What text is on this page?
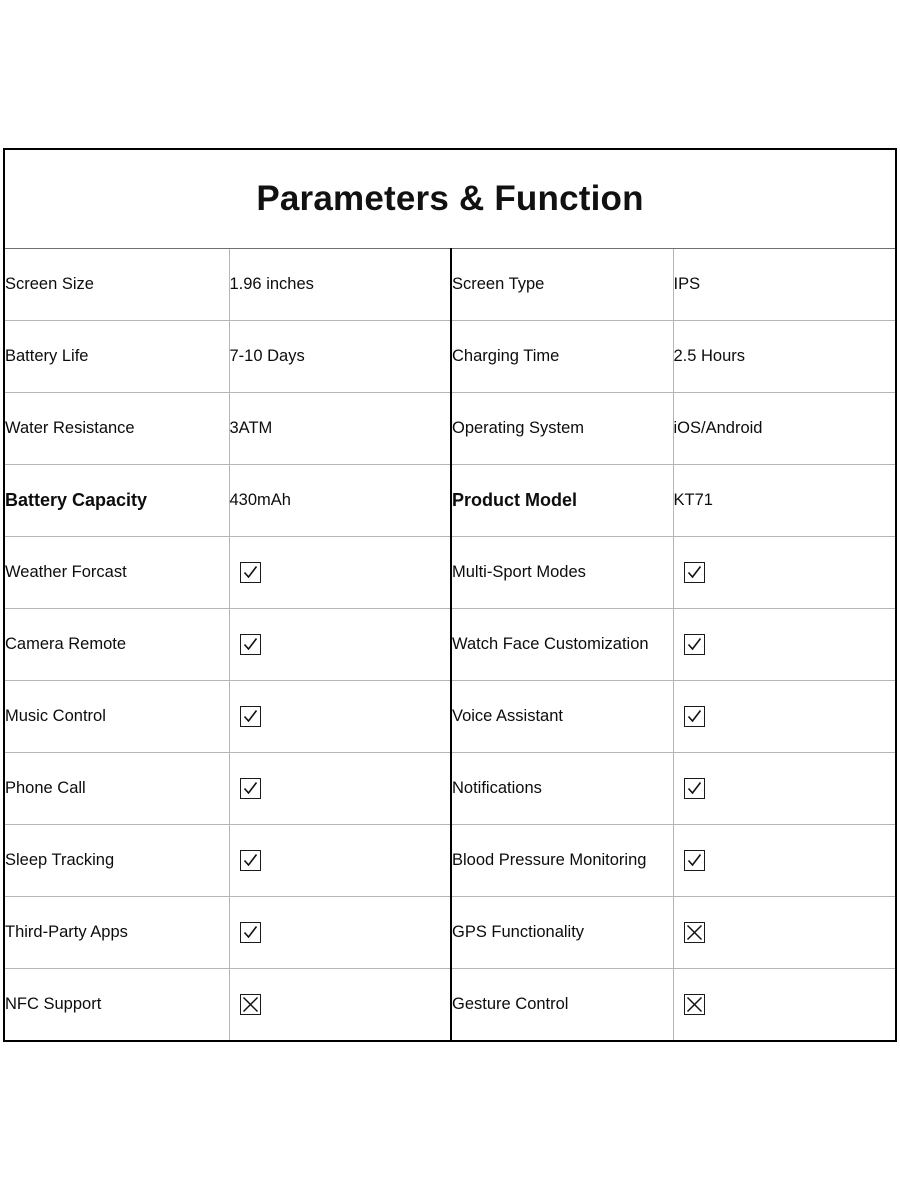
Parameters & Function			

Screen Size	1.96 inches	Screen Type	IPS

Battery Life	7-10 Days	Charging Time	2.5 Hours

Water Resistance	3ATM	Operating System	iOS/Android

Battery Capacity	430mAh	Product Model	KT71

Weather Forcast		Multi-Sport Modes

Camera Remote		Watch Face Customization

Music Control		Voice Assistant

Phone Call		Notifications

Sleep Tracking		Blood Pressure Monitoring

Third-Party Apps		GPS Functionality

NFC Support		Gesture Control
